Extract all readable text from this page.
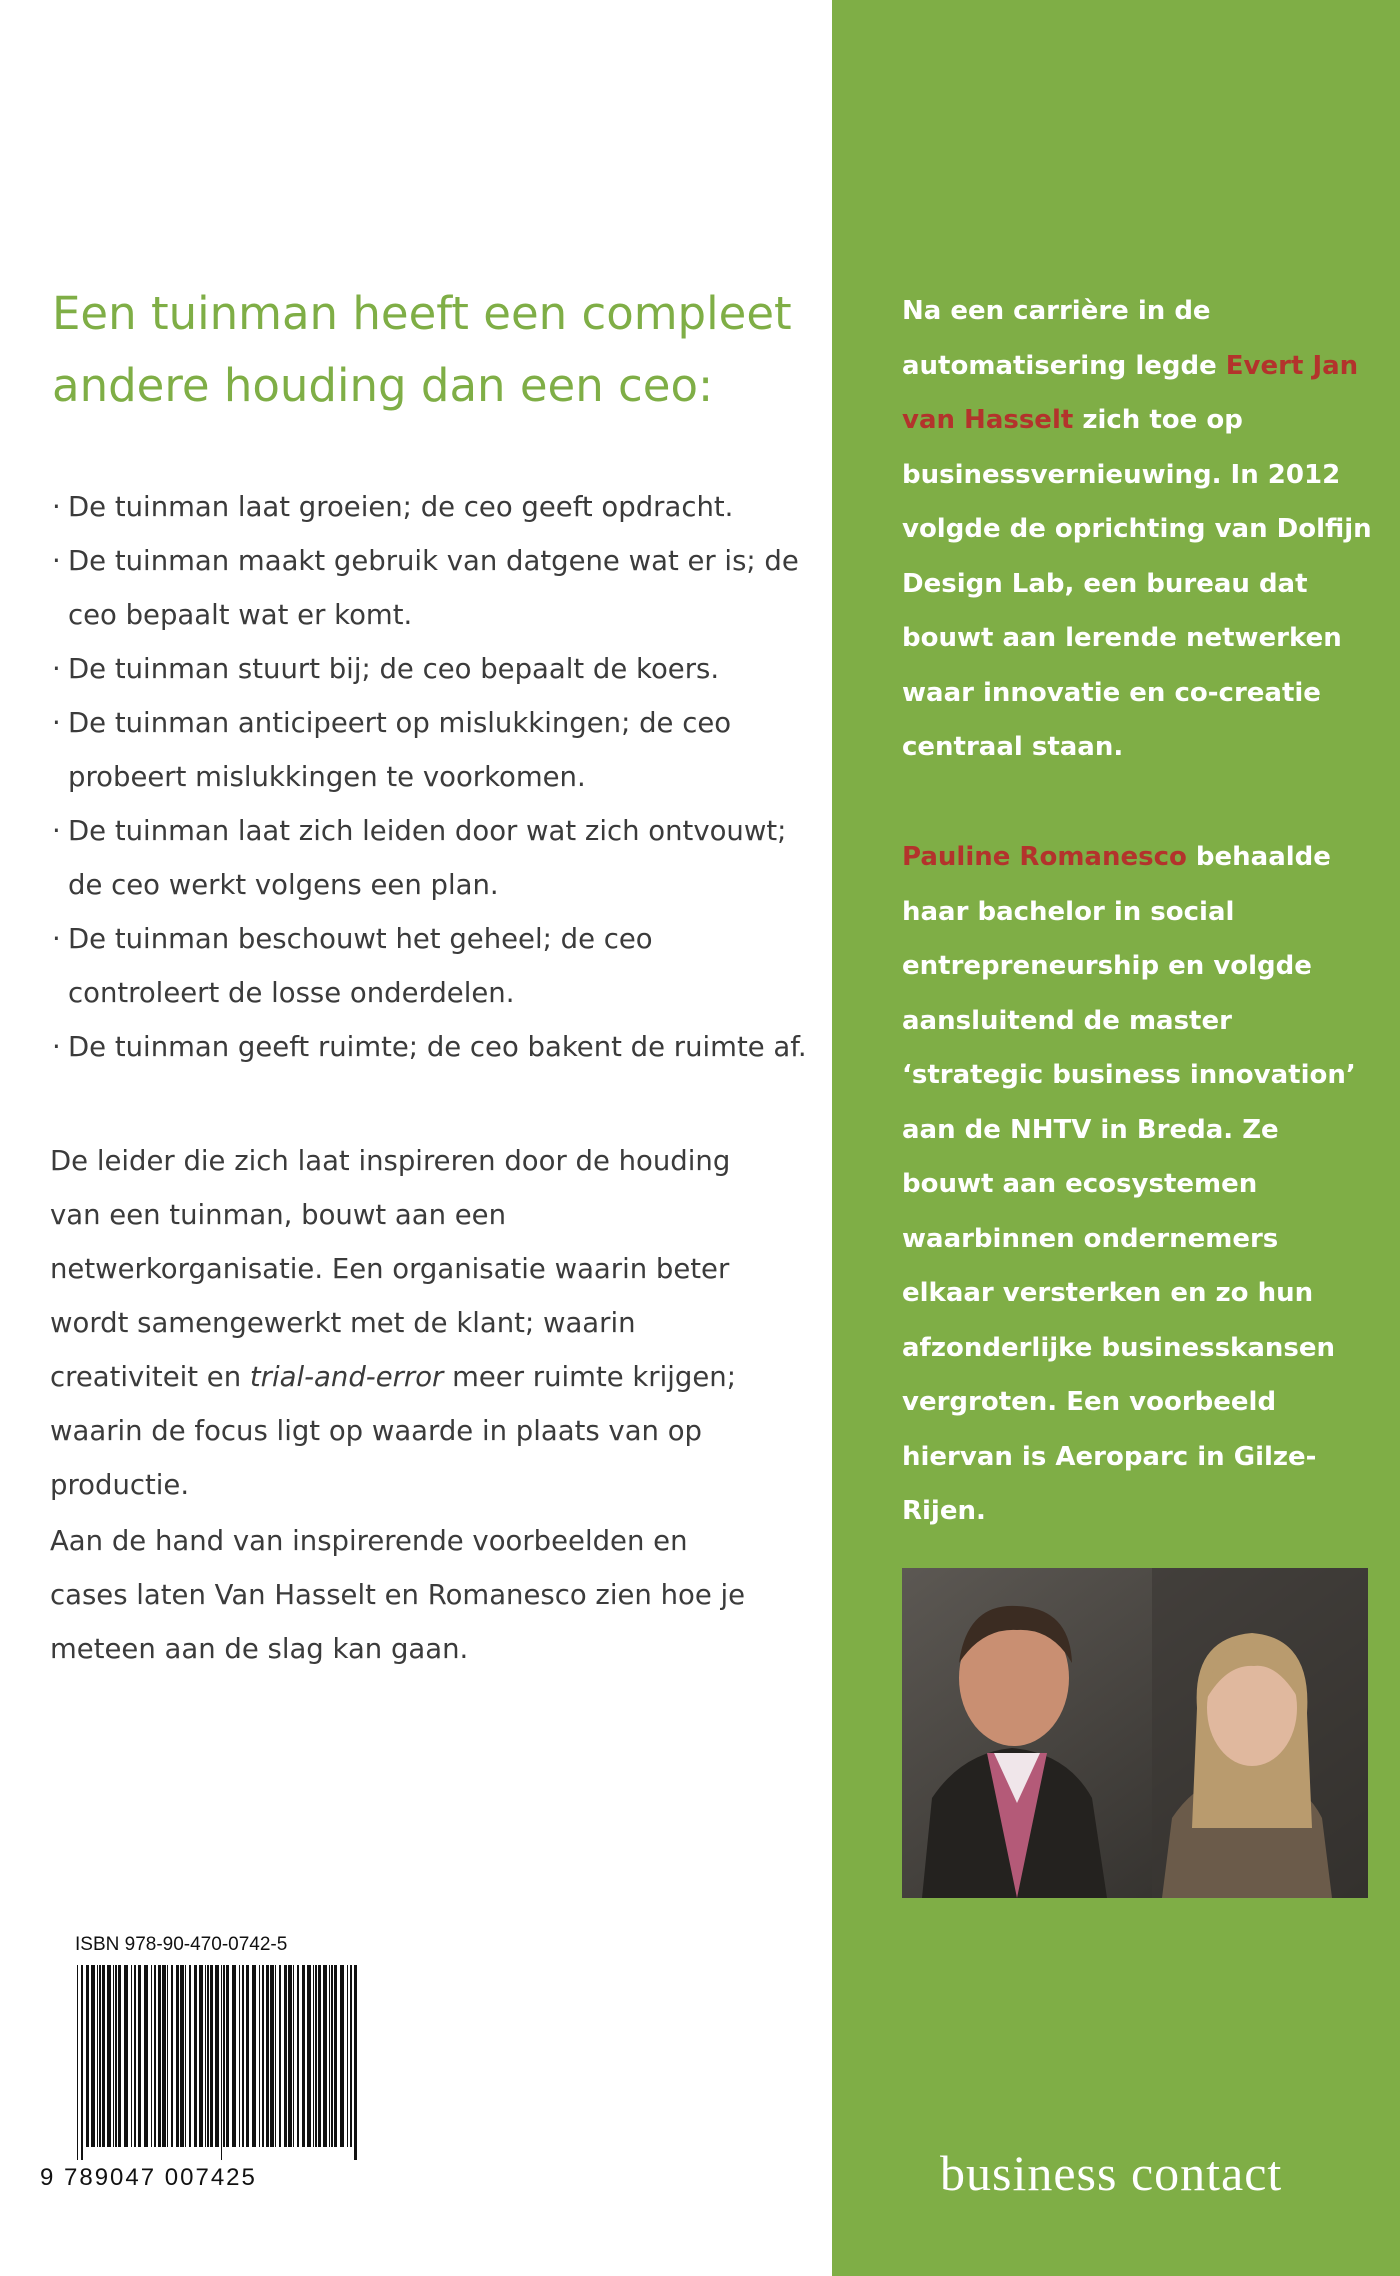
Een tuinman heeft een compleet andere houding dan een ceo:
· De tuinman laat groeien; de ceo geeft opdracht.
· De tuinman maakt gebruik van datgene wat er is; de ceo bepaalt wat er komt.
· De tuinman stuurt bij; de ceo bepaalt de koers.
· De tuinman anticipeert op mislukkingen; de ceo probeert mislukkingen te voorkomen.
· De tuinman laat zich leiden door wat zich ontvouwt; de ceo werkt volgens een plan.
· De tuinman beschouwt het geheel; de ceo controleert de losse onderdelen.
· De tuinman geeft ruimte; de ceo bakent de ruimte af.

De leider die zich laat inspireren door de houding van een tuinman, bouwt aan een netwerkorganisatie. Een organisatie waarin beter wordt samengewerkt met de klant; waarin creativiteit en trial-and-error meer ruimte krijgen; waarin de focus ligt op waarde in plaats van op productie.

Aan de hand van inspirerende voorbeelden en cases laten Van Hasselt en Romanesco zien hoe je meteen aan de slag kan gaan.

ISBN 978-90-470-0742-5
9 789047 007425

Na een carrière in de automatisering legde Evert Jan van Hasselt zich toe op businessvernieuwing. In 2012 volgde de oprichting van Dolfijn Design Lab, een bureau dat bouwt aan lerende netwerken waar innovatie en co-creatie centraal staan.

Pauline Romanesco behaalde haar bachelor in social entrepreneurship en volgde aansluitend de master ‘strategic business innovation’ aan de NHTV in Breda. Ze bouwt aan ecosystemen waarbinnen ondernemers elkaar versterken en zo hun afzonderlijke businesskansen vergroten. Een voorbeeld hiervan is Aeroparc in Gilze-Rijen.

business contact
